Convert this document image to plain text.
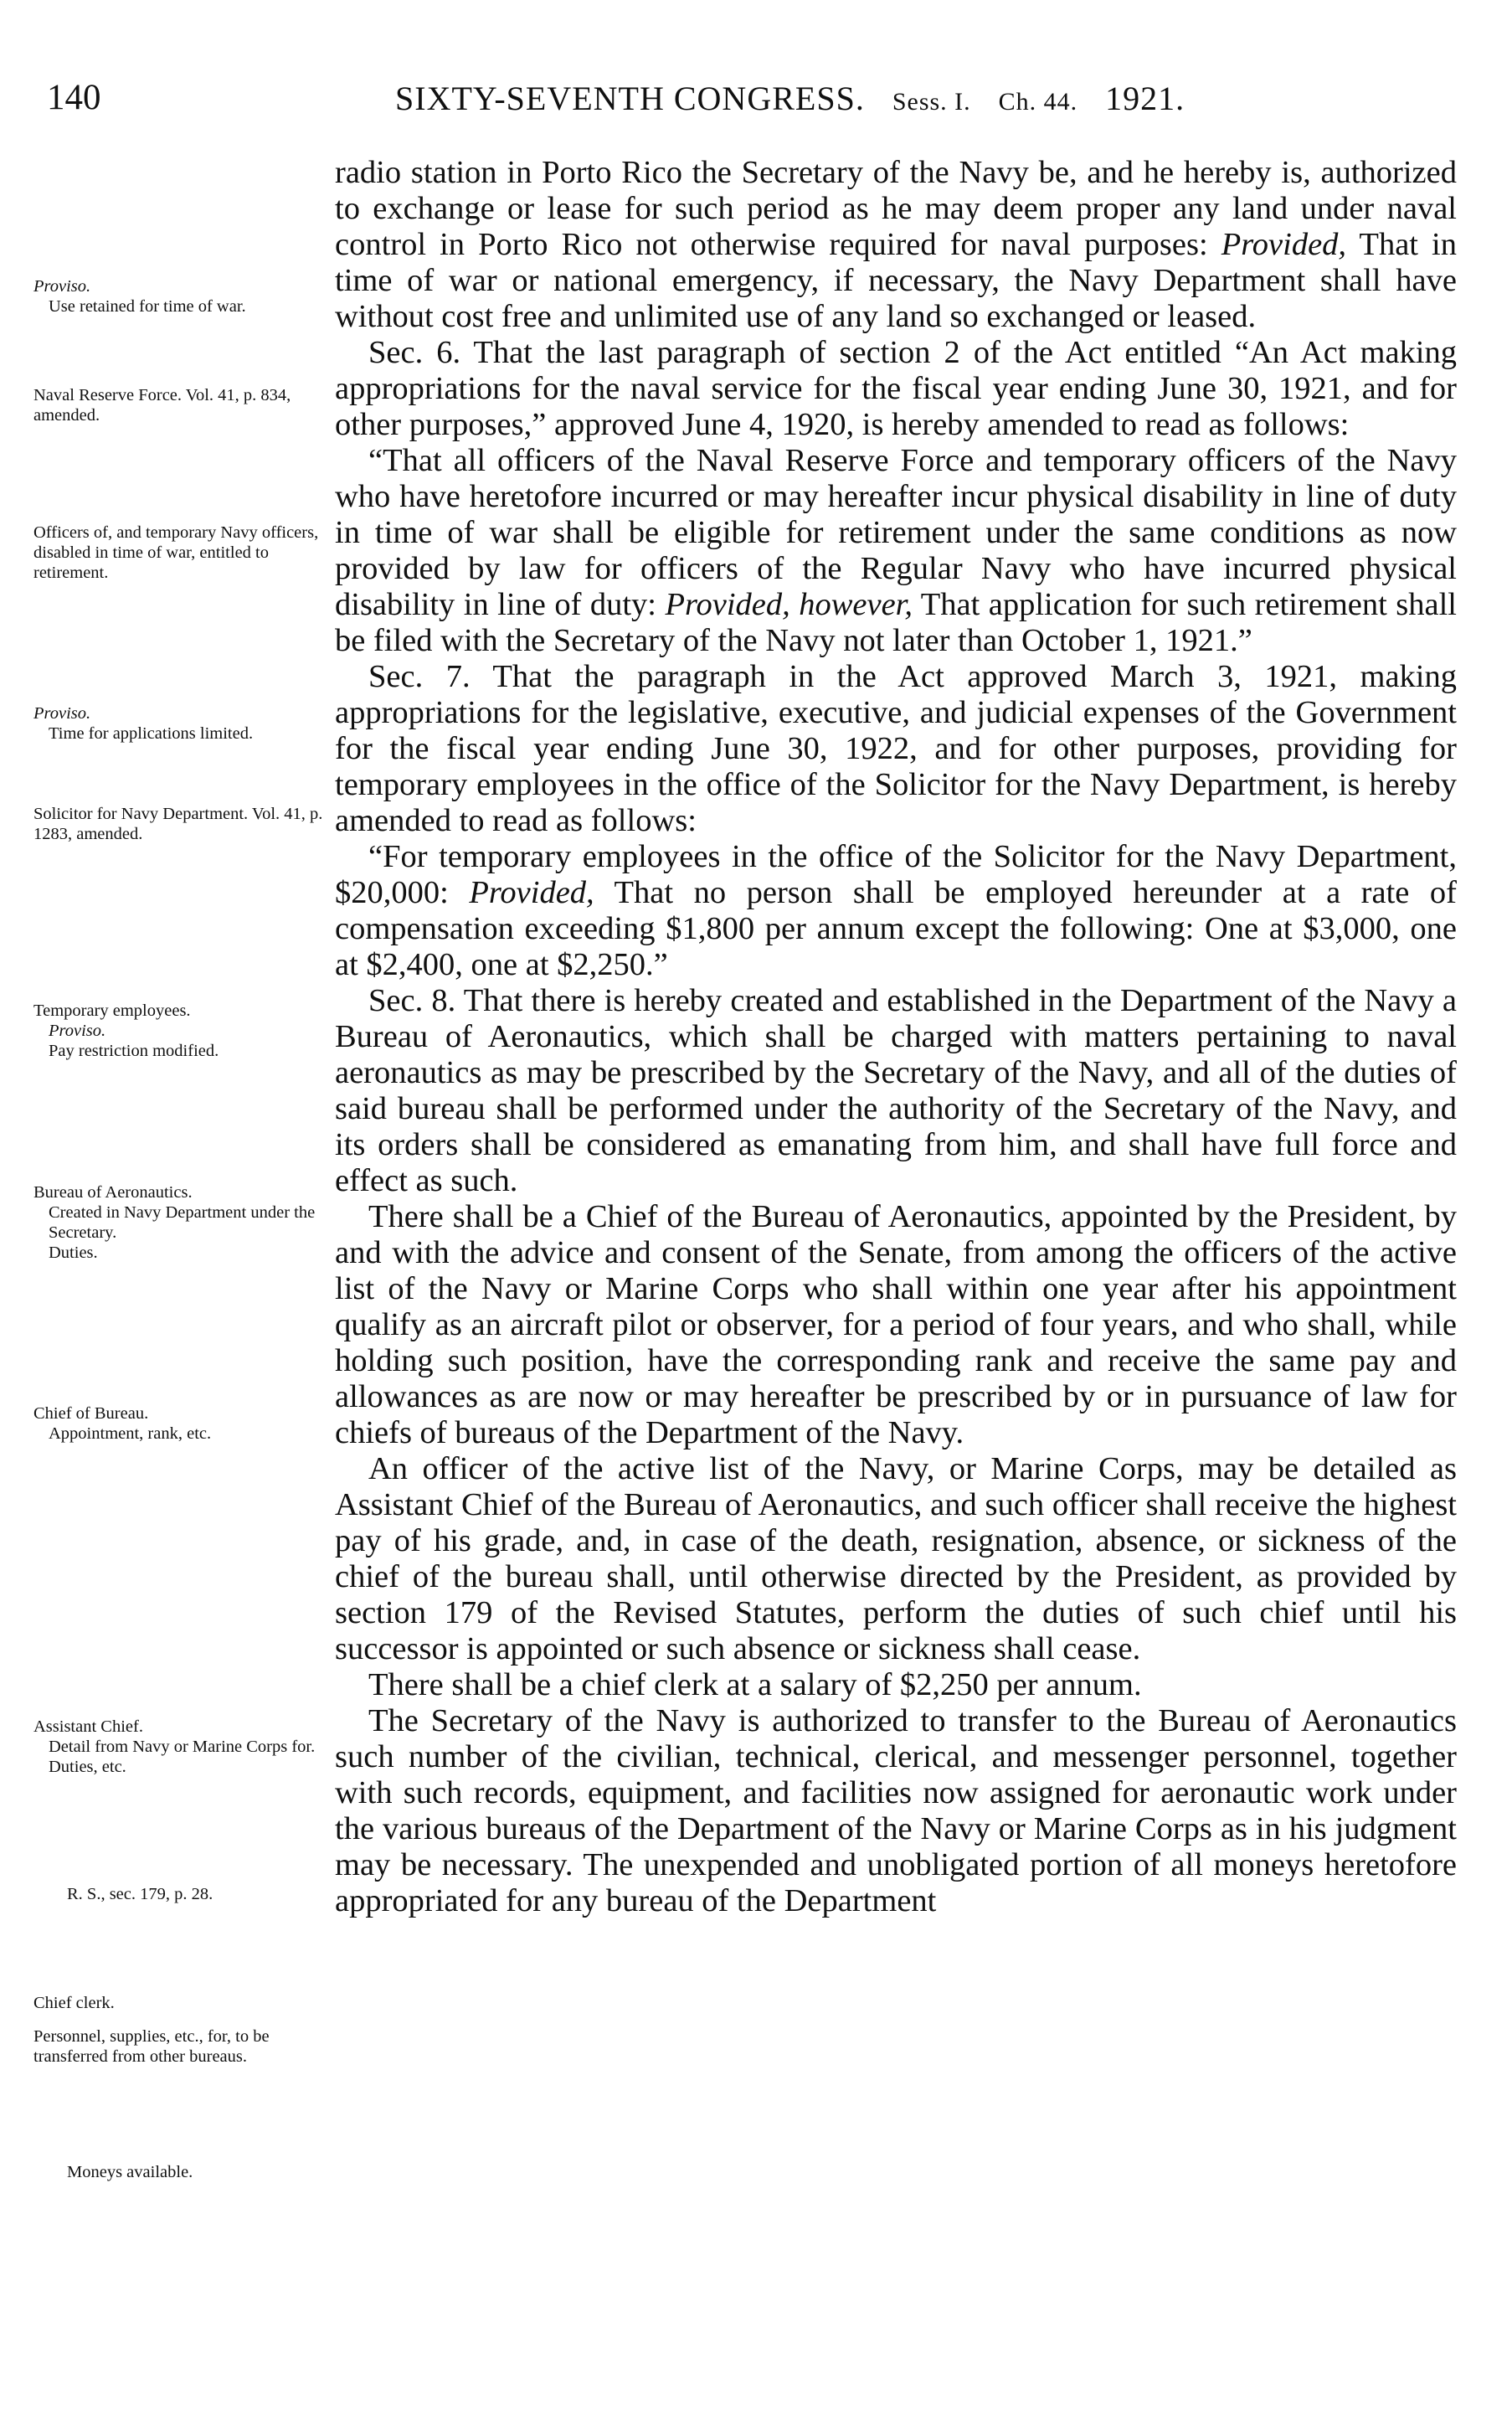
140	SIXTY-SEVENTH CONGRESS. Sess. I. Ch. 44. 1921.
Proviso.
Use retained for time of war.
Naval Reserve Force. Vol. 41, p. 834, amended.
Officers of, and temporary Navy officers, disabled in time of war, entitled to retirement.
Proviso.
Time for applications limited.
Solicitor for Navy Department. Vol. 41, p. 1283, amended.
Temporary employees.
Proviso.
Pay restriction modified.
Bureau of Aeronautics.
Created in Navy Department under the Secretary.
Duties.
Chief of Bureau.
Appointment, rank, etc.
Assistant Chief.
Detail from Navy or Marine Corps for.
Duties, etc.
R. S., sec. 179, p. 28.
Chief clerk.
Personnel, supplies, etc., for, to be transferred from other bureaus.
Moneys available.

radio station in Porto Rico the Secretary of the Navy be, and he hereby is, authorized to exchange or lease for such period as he may deem proper any land under naval control in Porto Rico not otherwise required for naval purposes: Provided, That in time of war or national emergency, if necessary, the Navy Department shall have without cost free and unlimited use of any land so exchanged or leased.

Sec. 6. That the last paragraph of section 2 of the Act entitled “An Act making appropriations for the naval service for the fiscal year ending June 30, 1921, and for other purposes,” approved June 4, 1920, is hereby amended to read as follows:

“That all officers of the Naval Reserve Force and temporary officers of the Navy who have heretofore incurred or may hereafter incur physical disability in line of duty in time of war shall be eligible for retirement under the same conditions as now provided by law for officers of the Regular Navy who have incurred physical disability in line of duty: Provided, however, That application for such retirement shall be filed with the Secretary of the Navy not later than October 1, 1921.”

Sec. 7. That the paragraph in the Act approved March 3, 1921, making appropriations for the legislative, executive, and judicial expenses of the Government for the fiscal year ending June 30, 1922, and for other purposes, providing for temporary employees in the office of the Solicitor for the Navy Department, is hereby amended to read as follows:

“For temporary employees in the office of the Solicitor for the Navy Department, $20,000: Provided, That no person shall be employed hereunder at a rate of compensation exceeding $1,800 per annum except the following: One at $3,000, one at $2,400, one at $2,250.”

Sec. 8. That there is hereby created and established in the Department of the Navy a Bureau of Aeronautics, which shall be charged with matters pertaining to naval aeronautics as may be prescribed by the Secretary of the Navy, and all of the duties of said bureau shall be performed under the authority of the Secretary of the Navy, and its orders shall be considered as emanating from him, and shall have full force and effect as such.

There shall be a Chief of the Bureau of Aeronautics, appointed by the President, by and with the advice and consent of the Senate, from among the officers of the active list of the Navy or Marine Corps who shall within one year after his appointment qualify as an aircraft pilot or observer, for a period of four years, and who shall, while holding such position, have the corresponding rank and receive the same pay and allowances as are now or may hereafter be prescribed by or in pursuance of law for chiefs of bureaus of the Department of the Navy.

An officer of the active list of the Navy, or Marine Corps, may be detailed as Assistant Chief of the Bureau of Aeronautics, and such officer shall receive the highest pay of his grade, and, in case of the death, resignation, absence, or sickness of the chief of the bureau shall, until otherwise directed by the President, as provided by section 179 of the Revised Statutes, perform the duties of such chief until his successor is appointed or such absence or sickness shall cease.

There shall be a chief clerk at a salary of $2,250 per annum.

The Secretary of the Navy is authorized to transfer to the Bureau of Aeronautics such number of the civilian, technical, clerical, and messenger personnel, together with such records, equipment, and facilities now assigned for aeronautic work under the various bureaus of the Department of the Navy or Marine Corps as in his judgment may be necessary. The unexpended and unobligated portion of all moneys heretofore appropriated for any bureau of the Department
